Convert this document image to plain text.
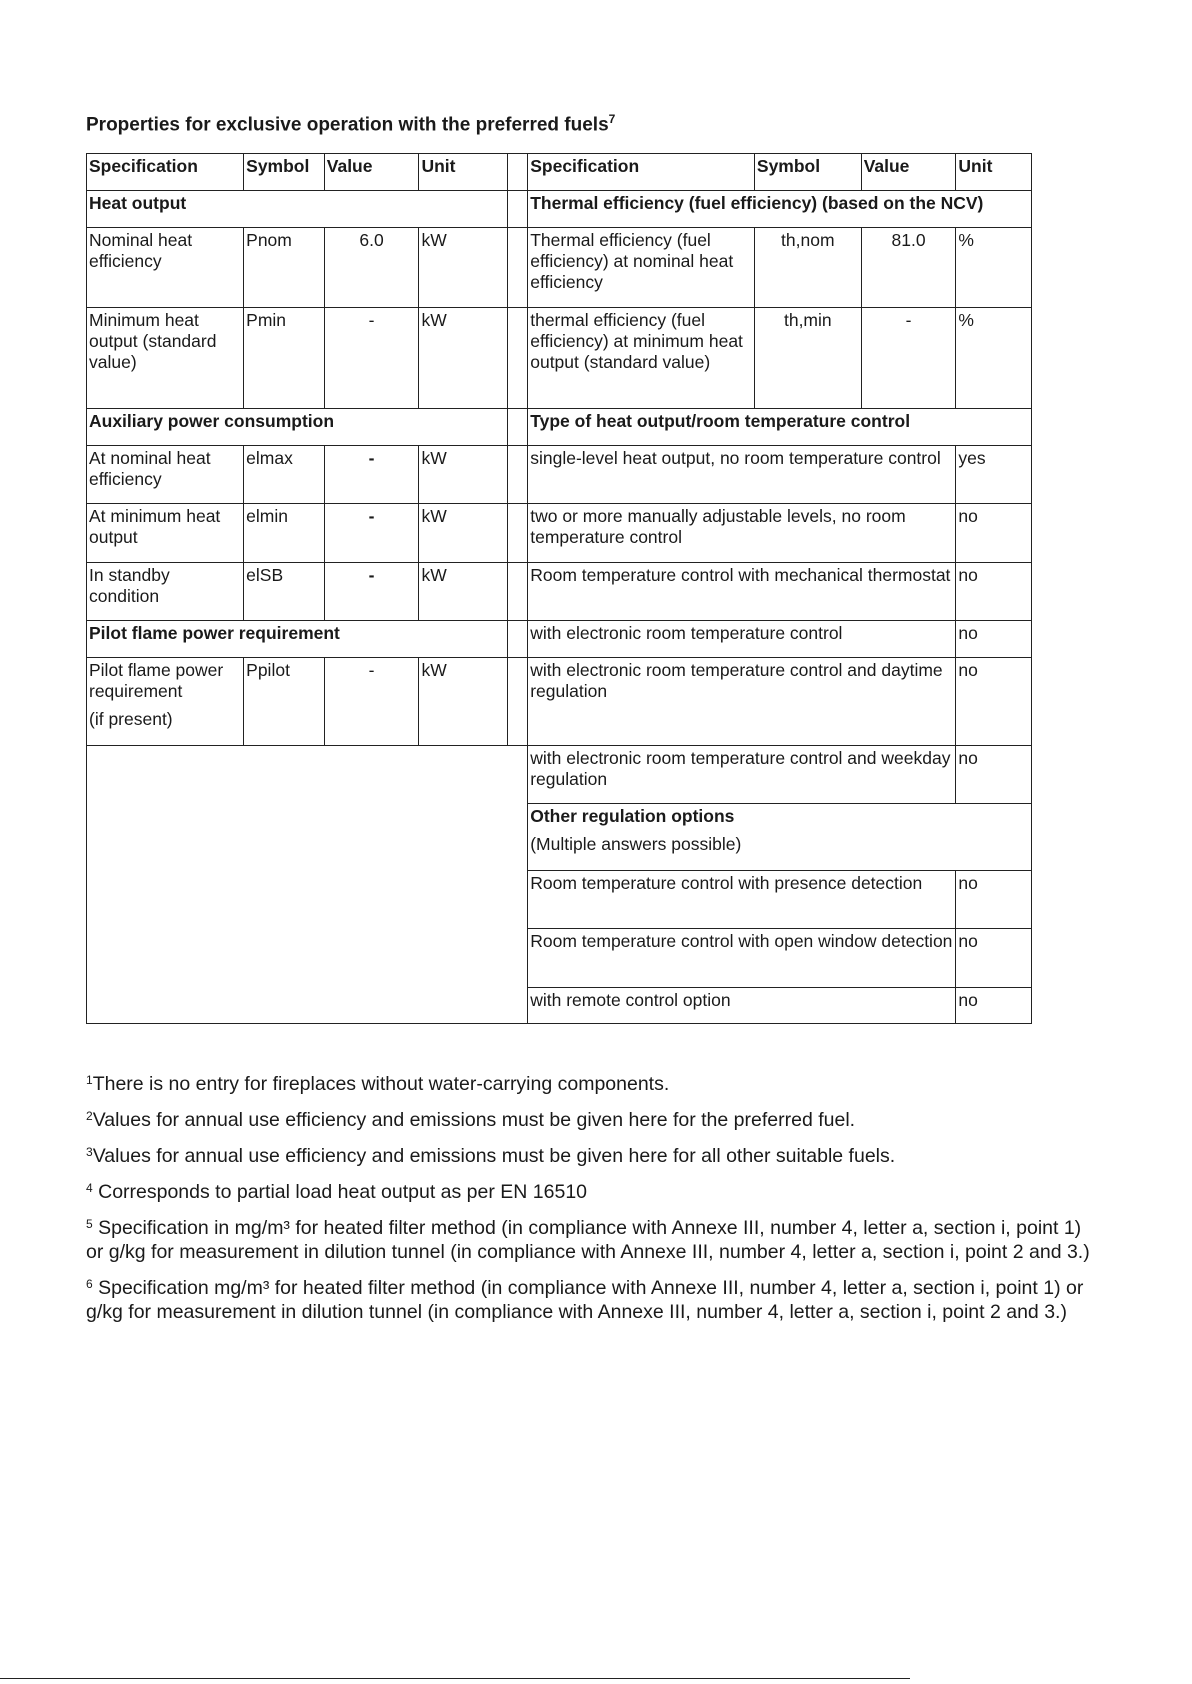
Properties for exclusive operation with the preferred fuels$^7$
Specification	Symbol	Value	Unit		Specification	Symbol	Value	Unit
Heat output					Thermal efficiency (fuel efficiency) (based on the NCV)			
Nominal heat efficiency	Pnom	6.0	kW		Thermal efficiency (fuel efficiency) at nominal heat efficiency	th,nom	81.0	%
Minimum heat output (standard value)	Pmin	-	kW		thermal efficiency (fuel efficiency) at minimum heat output (standard value)	th,min	-	%
Auxiliary power consumption					Type of heat output/room temperature control			
At nominal heat efficiency	elmax	-	kW		single-level heat output, no room temperature control			yes
At minimum heat output	elmin	-	kW		two or more manually adjustable levels, no room temperature control			no
In standby condition	elSB	-	kW		Room temperature control with mechanical thermostat			no
Pilot flame power requirement					with electronic room temperature control			no

Pilot flame power requirement
(if present)	Ppilot	-	kW		with electronic room temperature control and daytime regulation			no
					with electronic room temperature control and weekday regulation			no

					Other regulation options
(Multiple answers possible)			

					Room temperature control with presence detection			no
					Room temperature control with open window detection			no
					with remote control option			no

$^1$There is no entry for fireplaces without water-carrying components.

$^2$Values for annual use efficiency and emissions must be given here for the preferred fuel.

$^3$Values for annual use efficiency and emissions must be given here for all other suitable fuels.

$^4$ Corresponds to partial load heat output as per EN 16510

$^5$ Specification in mg/m³ for heated filter method (in compliance with Annexe III, number 4, letter a, section i, point 1) or g/kg for measurement in dilution tunnel (in compliance with Annexe III, number 4, letter a, section i, point 2 and 3.)

$^6$ Specification mg/m³ for heated filter method (in compliance with Annexe III, number 4, letter a, section i, point 1) or g/kg for measurement in dilution tunnel (in compliance with Annexe III, number 4, letter a, section i, point 2 and 3.)
